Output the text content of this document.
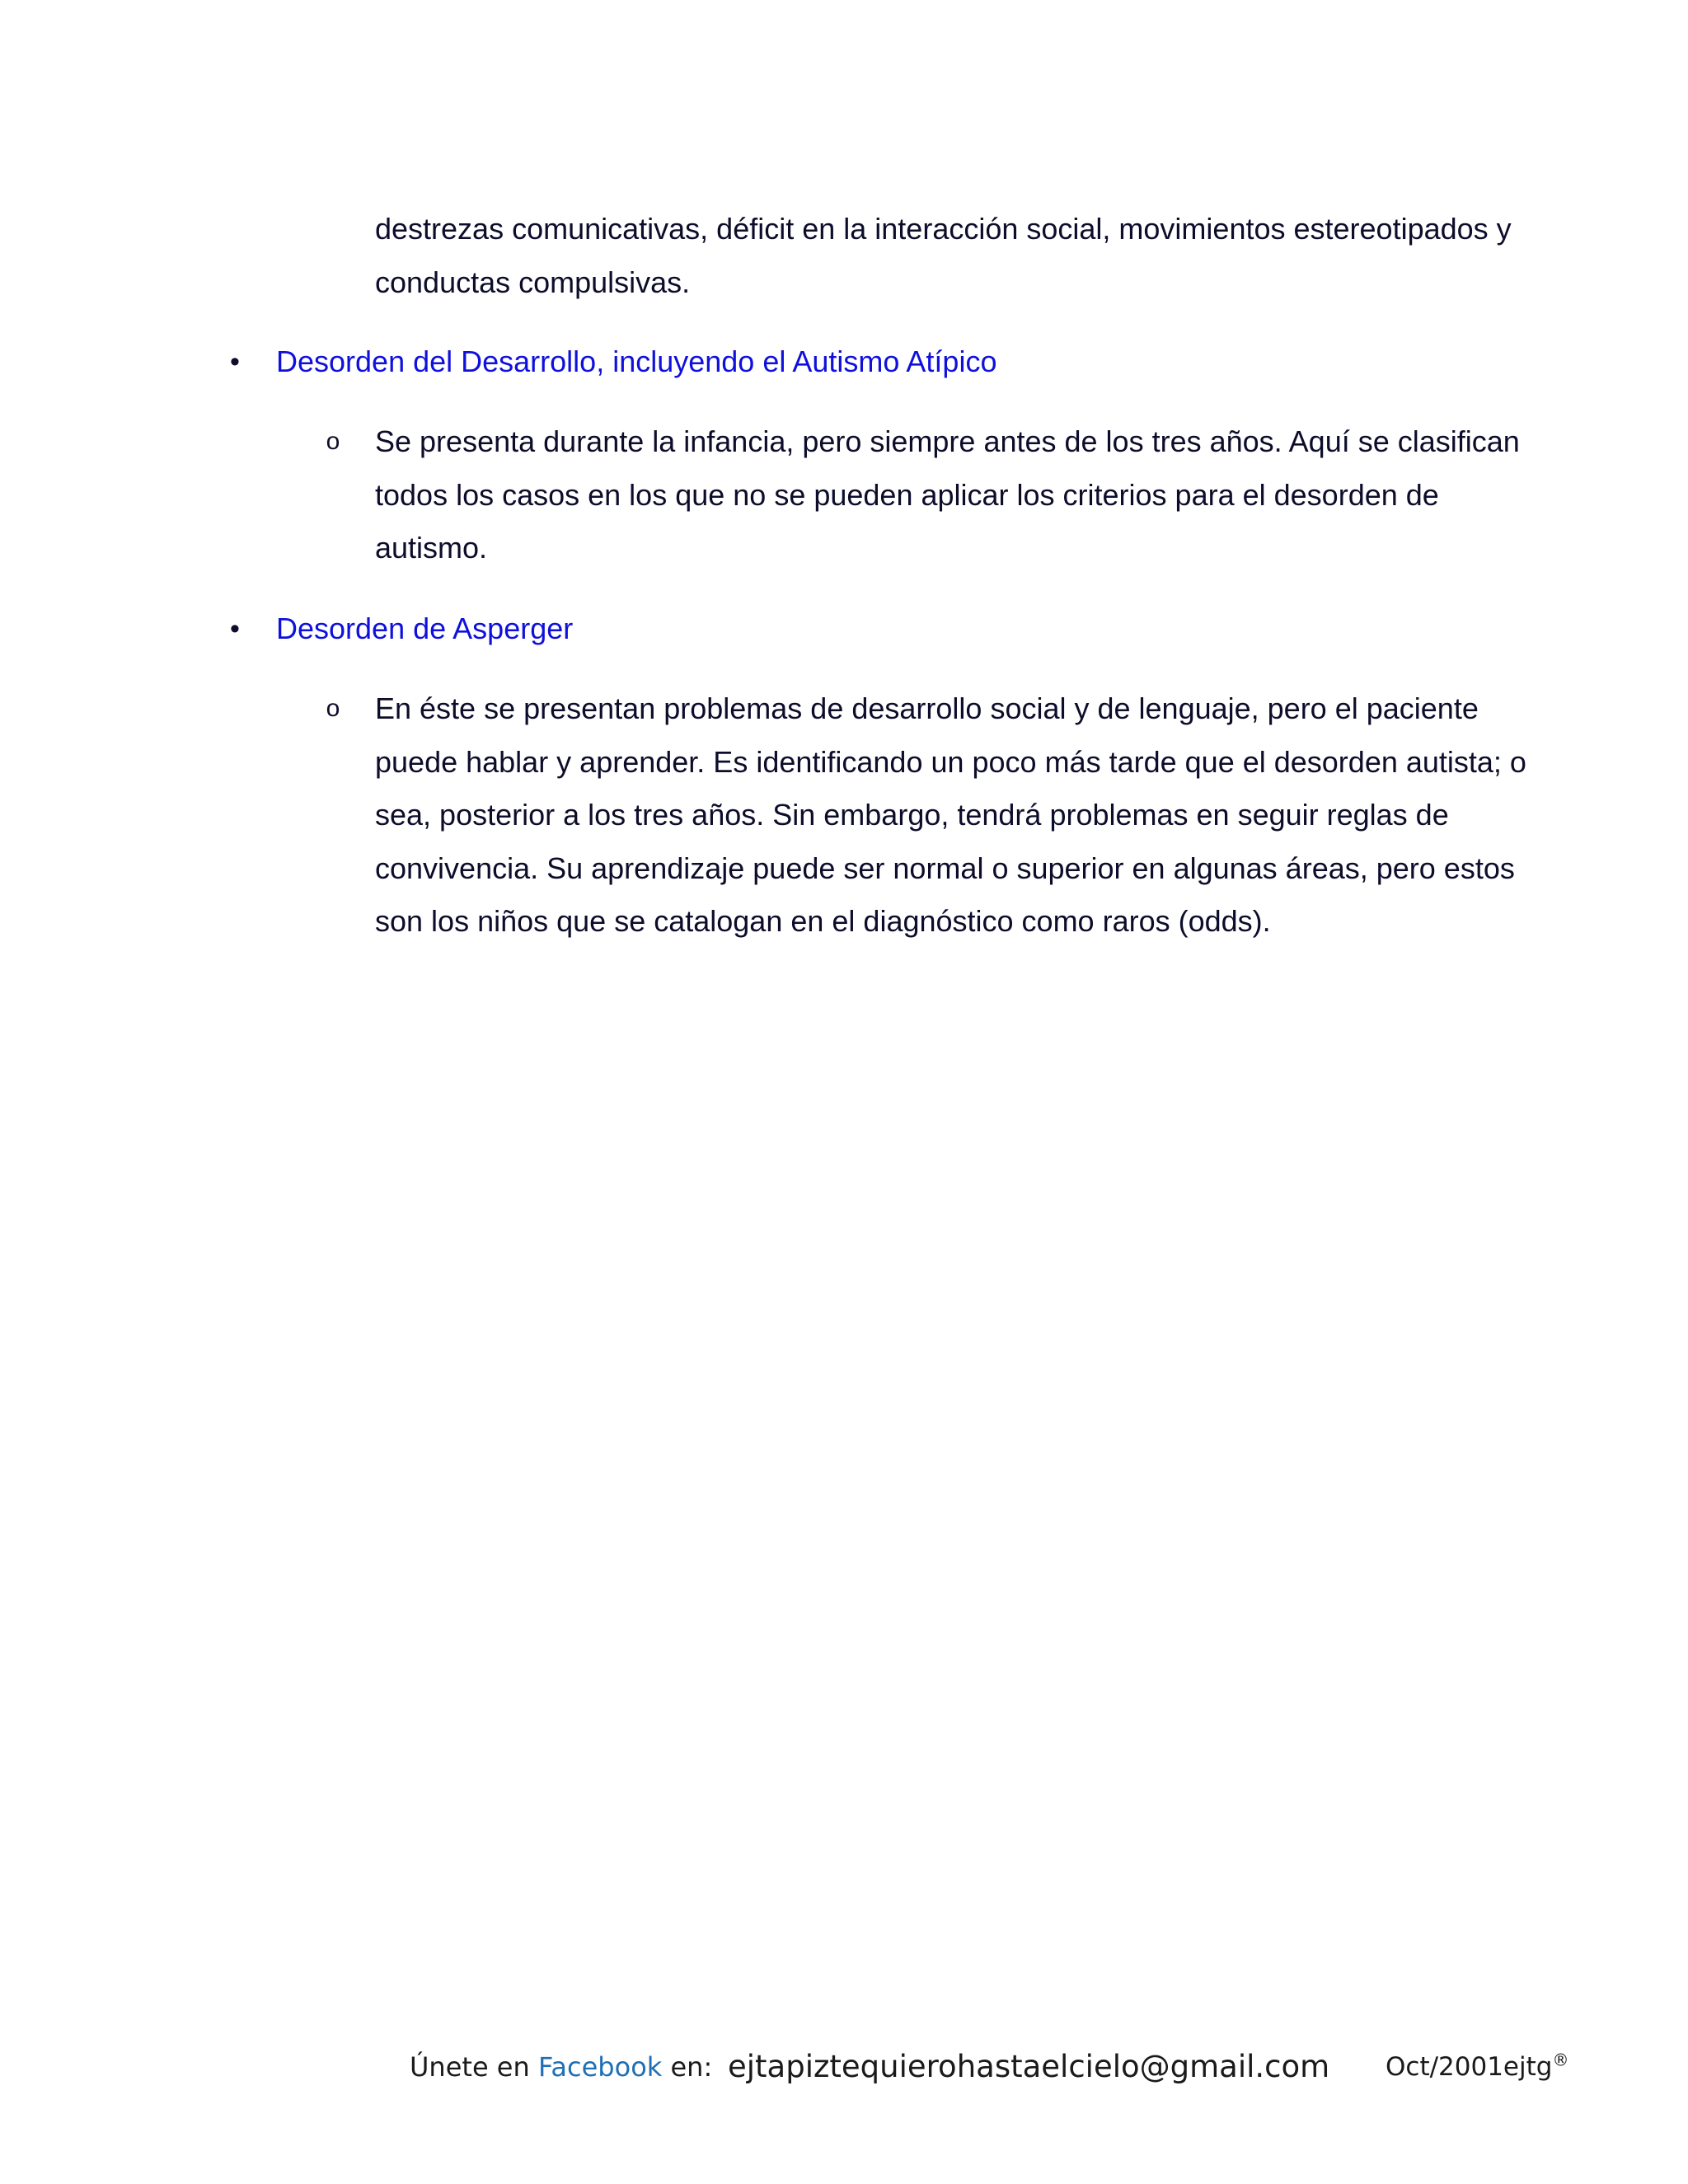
destrezas comunicativas, déficit en la interacción social, movimientos estereotipados y
conductas compulsivas.
•	Desorden del Desarrollo, incluyendo el Autismo Atípico
o	Se presenta durante la infancia, pero siempre antes de los tres años. Aquí se clasifican
todos los casos en los que no se pueden aplicar los criterios para el desorden de
autismo.
•	Desorden de Asperger
o	En éste se presentan problemas de desarrollo social y de lenguaje, pero el paciente
puede hablar y aprender. Es identificando un poco más tarde que el desorden autista; o
sea, posterior a los tres años. Sin embargo, tendrá problemas en seguir reglas de
convivencia. Su aprendizaje puede ser normal o superior en algunas áreas, pero estos
son los niños que se catalogan en el diagnóstico como raros (odds).
Únete en Facebook en: ejtapiztequierohastaelcielo@gmail.com Oct/2001ejtg®
